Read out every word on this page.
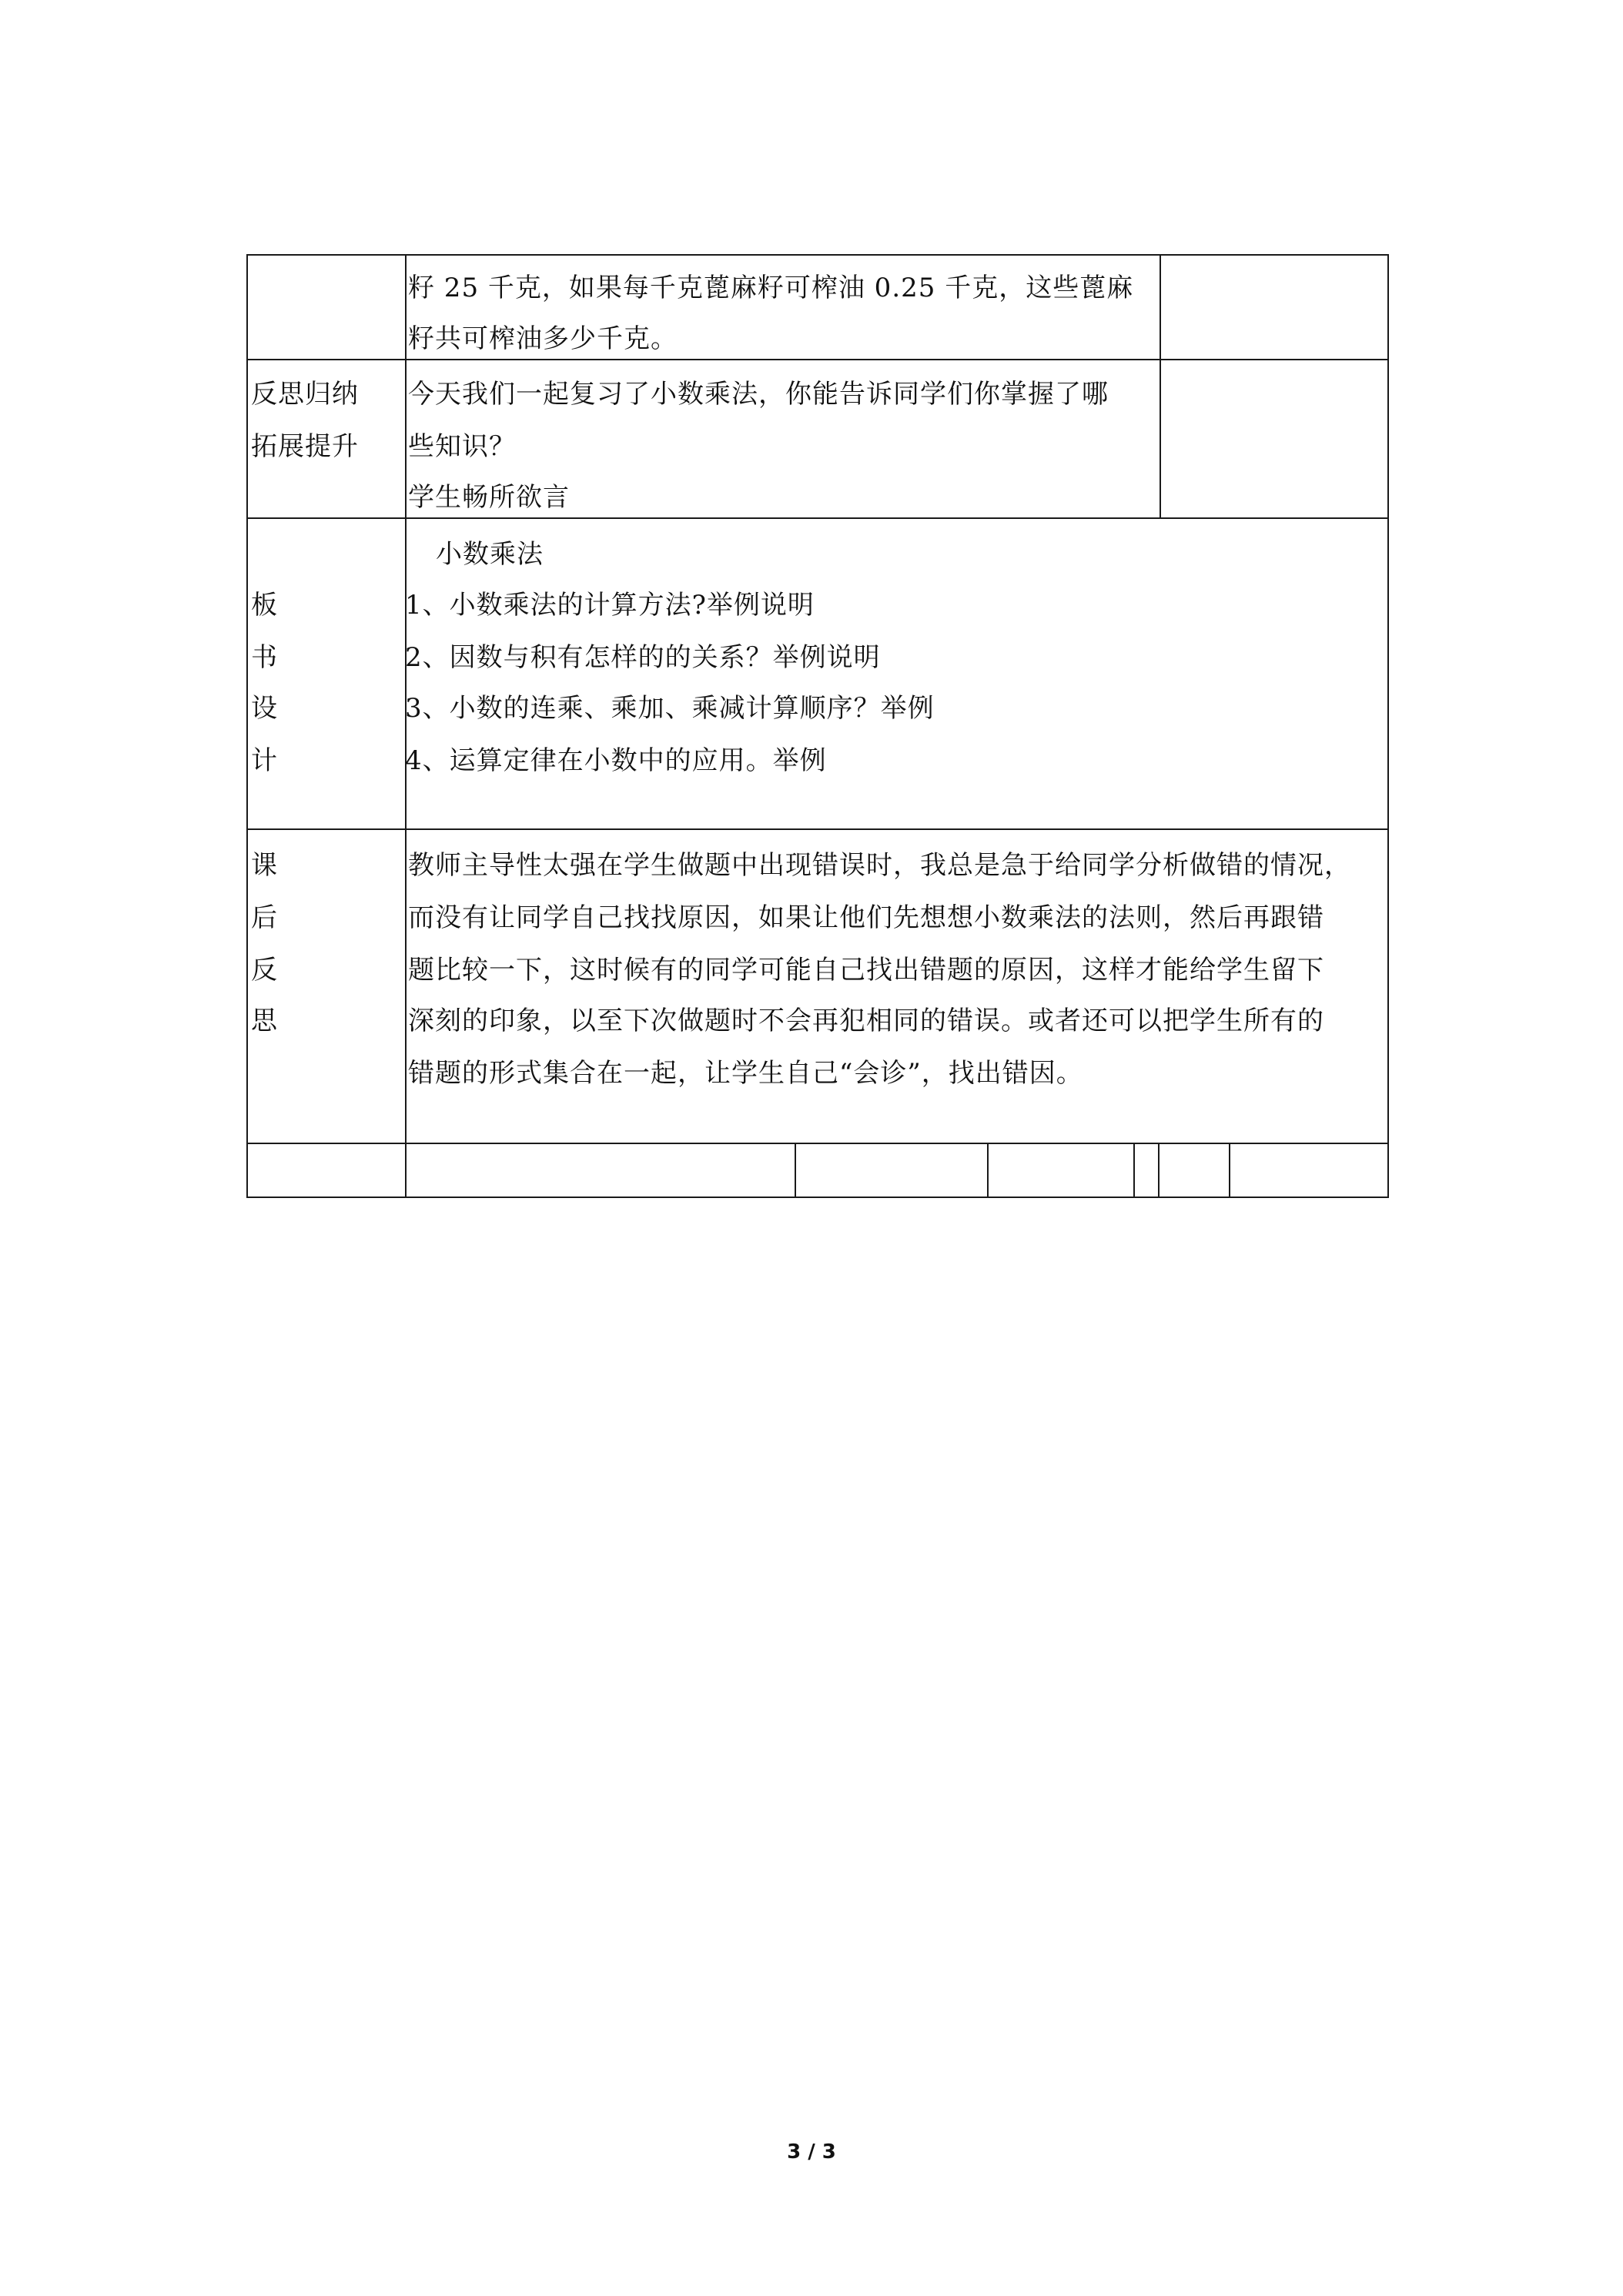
籽 25 千克，如果每千克蓖麻籽可榨油 0.25 千克，这些蓖麻
籽共可榨油多少千克。
反思归纳
拓展提升
今天我们一起复习了小数乘法，你能告诉同学们你掌握了哪
些知识？
学生畅所欲言
板
书
设
计
小数乘法
1、小数乘法的计算方法?举例说明
2、因数与积有怎样的的关系？举例说明
3、小数的连乘、乘加、乘减计算顺序？举例
4、运算定律在小数中的应用。举例
课
后
反
思
教师主导性太强在学生做题中出现错误时，我总是急于给同学分析做错的情况，
而没有让同学自己找找原因，如果让他们先想想小数乘法的法则，然后再跟错
题比较一下，这时候有的同学可能自己找出错题的原因，这样才能给学生留下
深刻的印象，以至下次做题时不会再犯相同的错误。或者还可以把学生所有的
错题的形式集合在一起，让学生自己“会诊”，找出错因。
3 / 3
